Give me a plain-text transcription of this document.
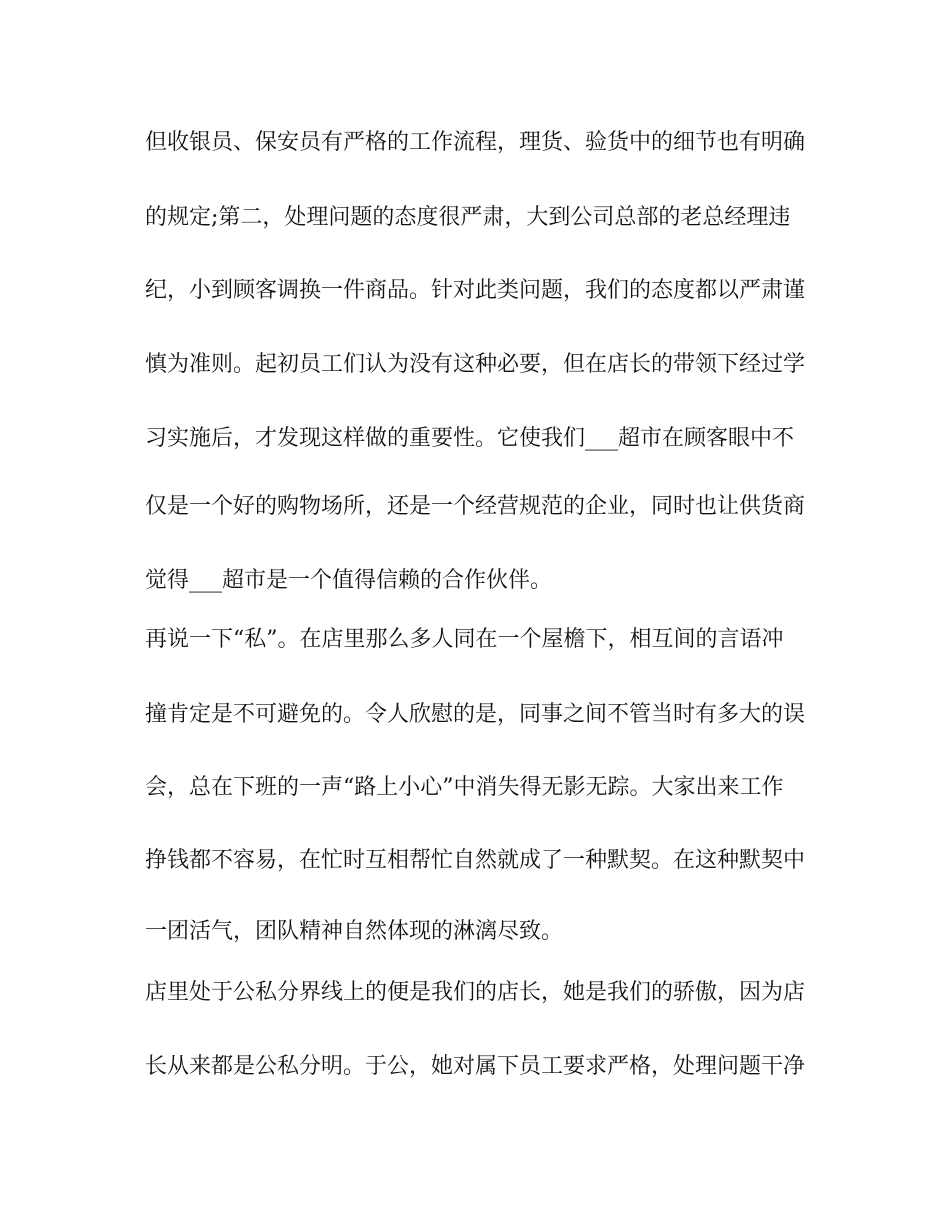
但收银员、保安员有严格的工作流程，理货、验货中的细节也有明确
的规定;第二，处理问题的态度很严肃，大到公司总部的老总经理违
纪，小到顾客调换一件商品。针对此类问题，我们的态度都以严肃谨
慎为准则。起初员工们认为没有这种必要，但在店长的带领下经过学
习实施后，才发现这样做的重要性。它使我们___超市在顾客眼中不
仅是一个好的购物场所，还是一个经营规范的企业，同时也让供货商
觉得___超市是一个值得信赖的合作伙伴。
再说一下“私”。在店里那么多人同在一个屋檐下，相互间的言语冲
撞肯定是不可避免的。令人欣慰的是，同事之间不管当时有多大的误
会，总在下班的一声“路上小心”中消失得无影无踪。大家出来工作
挣钱都不容易，在忙时互相帮忙自然就成了一种默契。在这种默契中
一团活气，团队精神自然体现的淋漓尽致。
店里处于公私分界线上的便是我们的店长，她是我们的骄傲，因为店
长从来都是公私分明。于公，她对属下员工要求严格，处理问题干净
